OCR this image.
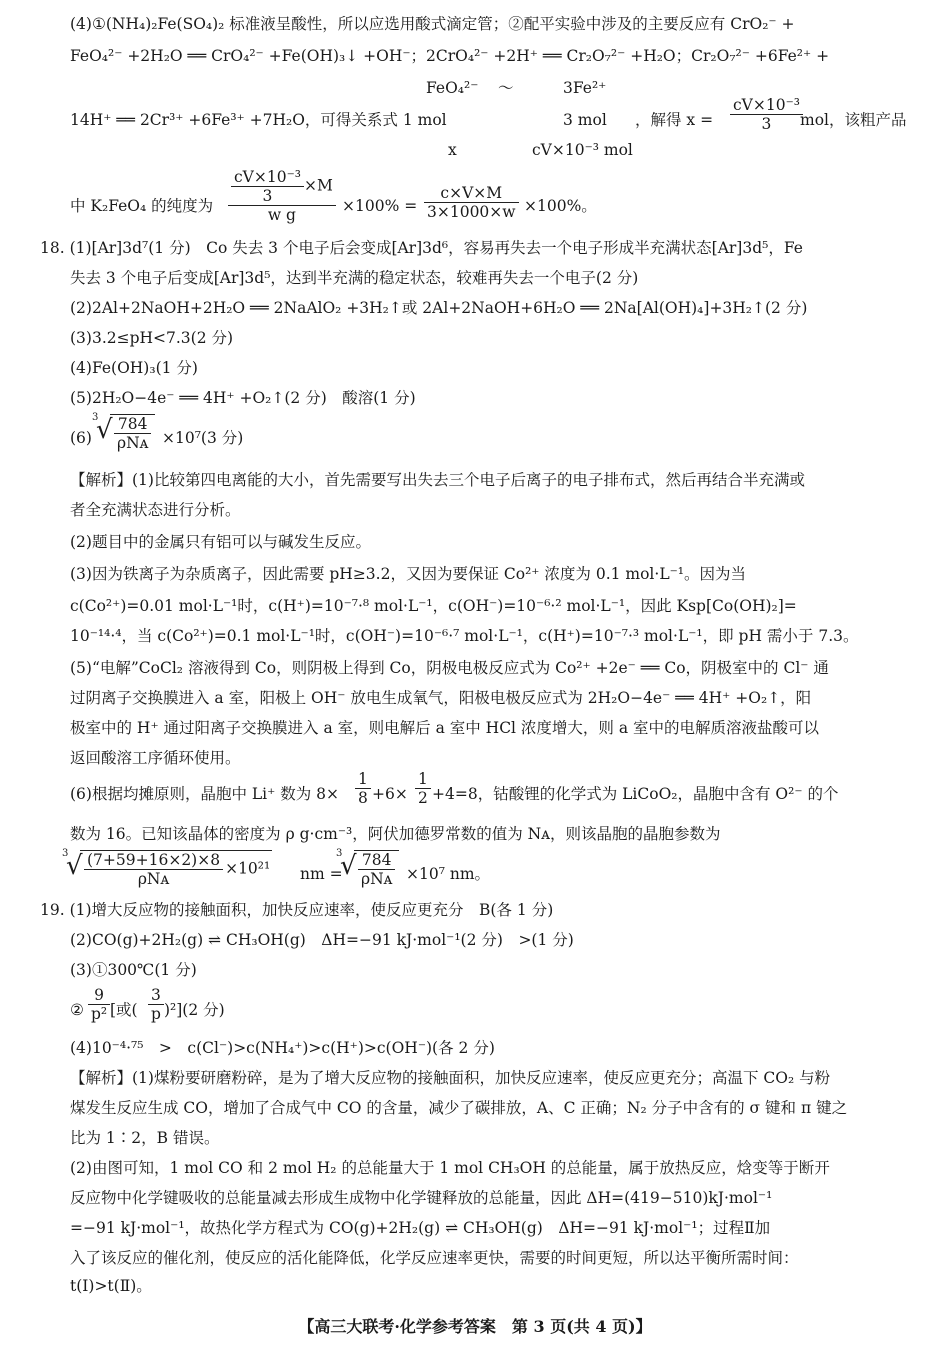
(4)①(NH₄)₂Fe(SO₄)₂ 标准液呈酸性，所以应选用酸式滴定管；②配平实验中涉及的主要反应有 CrO₂⁻ +
FeO₄²⁻ +2H₂O ══ CrO₄²⁻ +Fe(OH)₃↓ +OH⁻；2CrO₄²⁻ +2H⁺ ══ Cr₂O₇²⁻ +H₂O；Cr₂O₇²⁻ +6Fe²⁺ +
FeO₄²⁻ ～	3Fe²⁺
14H⁺ ══ 2Cr³⁺ +6Fe³⁺ +7H₂O，可得关系式 1 mol	3 mol ，解得 $x = \frac{\text{cV×10⁻³}}{3}$
mol，该粗产品
x	cV×10⁻³ mol
中 K₂FeO₄ 的纯度为 $\frac{\frac{\text{cV×10⁻³}}{3} \times M}{\text{w g}} \times 100\% = \frac{c\times V\times M}{3\times 1000\times w} \times 100\%$。
18. (1)[Ar]3d⁷(1 分)　Co 失去 3 个电子后会变成[Ar]3d⁶，容易再失去一个电子形成半充满状态[Ar]3d⁵，Fe
失去 3 个电子后变成[Ar]3d⁵，达到半充满的稳定状态，较难再失去一个电子(2 分)
(2)2Al+2NaOH+2H₂O ══ 2NaAlO₂ +3H₂↑或 2Al+2NaOH+6H₂O ══ 2Na[Al(OH)₄]+3H₂↑(2 分)
(3)3.2≤pH<7.3(2 分)
(4)Fe(OH)₃(1 分)
(5)2H₂O−4e⁻ ══ 4H⁺ +O₂↑(2 分)　酸溶(1 分)
(6)
3
√ $\frac{784}{\text{ρNᴀ}} \times 10^7(3$ 分)
【解析】(1)比较第四电离能的大小，首先需要写出失去三个电子后离子的电子排布式，然后再结合半充满或
者全充满状态进行分析。
(2)题目中的金属只有铝可以与碱发生反应。
(3)因为铁离子为杂质离子，因此需要 pH≥3.2，又因为要保证 Co²⁺ 浓度为 0.1 mol·L⁻¹。因为当
c(Co²⁺)=0.01 mol·L⁻¹时，c(H⁺)=10⁻⁷·⁸ mol·L⁻¹，c(OH⁻)=10⁻⁶·² mol·L⁻¹，因此 Ksp[Co(OH)₂]=
10⁻¹⁴·⁴，当 c(Co²⁺)=0.1 mol·L⁻¹时，c(OH⁻)=10⁻⁶·⁷ mol·L⁻¹，c(H⁺)=10⁻⁷·³ mol·L⁻¹，即 pH 需小于 7.3。
(5)“电解”CoCl₂ 溶液得到 Co，则阴极上得到 Co，阴极电极反应式为 Co²⁺ +2e⁻ ══ Co，阴极室中的 Cl⁻ 通
过阴离子交换膜进入 a 室，阳极上 OH⁻ 放电生成氧气，阳极电极反应式为 2H₂O−4e⁻ ══ 4H⁺ +O₂↑，阳
极室中的 H⁺ 通过阳离子交换膜进入 a 室，则电解后 a 室中 HCl 浓度增大，则 a 室中的电解质溶液盐酸可以
返回酸溶工序循环使用。
(6)根据均摊原则，晶胞中 Li⁺ 数为 $8\times \frac{1}{8} +6\times \frac{1}{2} +4=8$，钴酸锂的化学式为 LiCoO₂，晶胞中含有 O²⁻ 的个
数为 16。已知该晶体的密度为 ρ g·cm⁻³，阿伏加德罗常数的值为 Nᴀ，则该晶胞的晶胞参数为
3
√ $\frac{(7+59+16\times 2)\times 8}{\text{ρNᴀ}} \times 10^{21}$ nm =
3
√ $\frac{784}{\text{ρNᴀ}} \times 10^7$ nm。
19. (1)增大反应物的接触面积，加快反应速率，使反应更充分　B(各 1 分)
(2)CO(g)+2H₂(g) ⇌ CH₃OH(g)　ΔH=−91 kJ·mol⁻¹(2 分)　>(1 分)
(3)①300℃(1 分)
② $\frac{9}{\text{p²}}$ [或( $\frac{3}{p} )^2](2$ 分)
(4)10⁻⁴·⁷⁵　>　c(Cl⁻)>c(NH₄⁺)>c(H⁺)>c(OH⁻)(各 2 分)
【解析】(1)煤粉要研磨粉碎，是为了增大反应物的接触面积，加快反应速率，使反应更充分；高温下 CO₂ 与粉
煤发生反应生成 CO，增加了合成气中 CO 的含量，减少了碳排放，A、C 正确；N₂ 分子中含有的 σ 键和 π 键之
比为 1∶2，B 错误。
(2)由图可知，1 mol CO 和 2 mol H₂ 的总能量大于 1 mol CH₃OH 的总能量，属于放热反应，焓变等于断开
反应物中化学键吸收的总能量减去形成生成物中化学键释放的总能量，因此 ΔH=(419−510)kJ·mol⁻¹
=−91 kJ·mol⁻¹，故热化学方程式为 CO(g)+2H₂(g) ⇌ CH₃OH(g)　ΔH=−91 kJ·mol⁻¹；过程Ⅱ加
入了该反应的催化剂，使反应的活化能降低，化学反应速率更快，需要的时间更短，所以达平衡所需时间：
t(Ⅰ)>t(Ⅱ)。
【高三大联考·化学参考答案　第 3 页(共 4 页)】
